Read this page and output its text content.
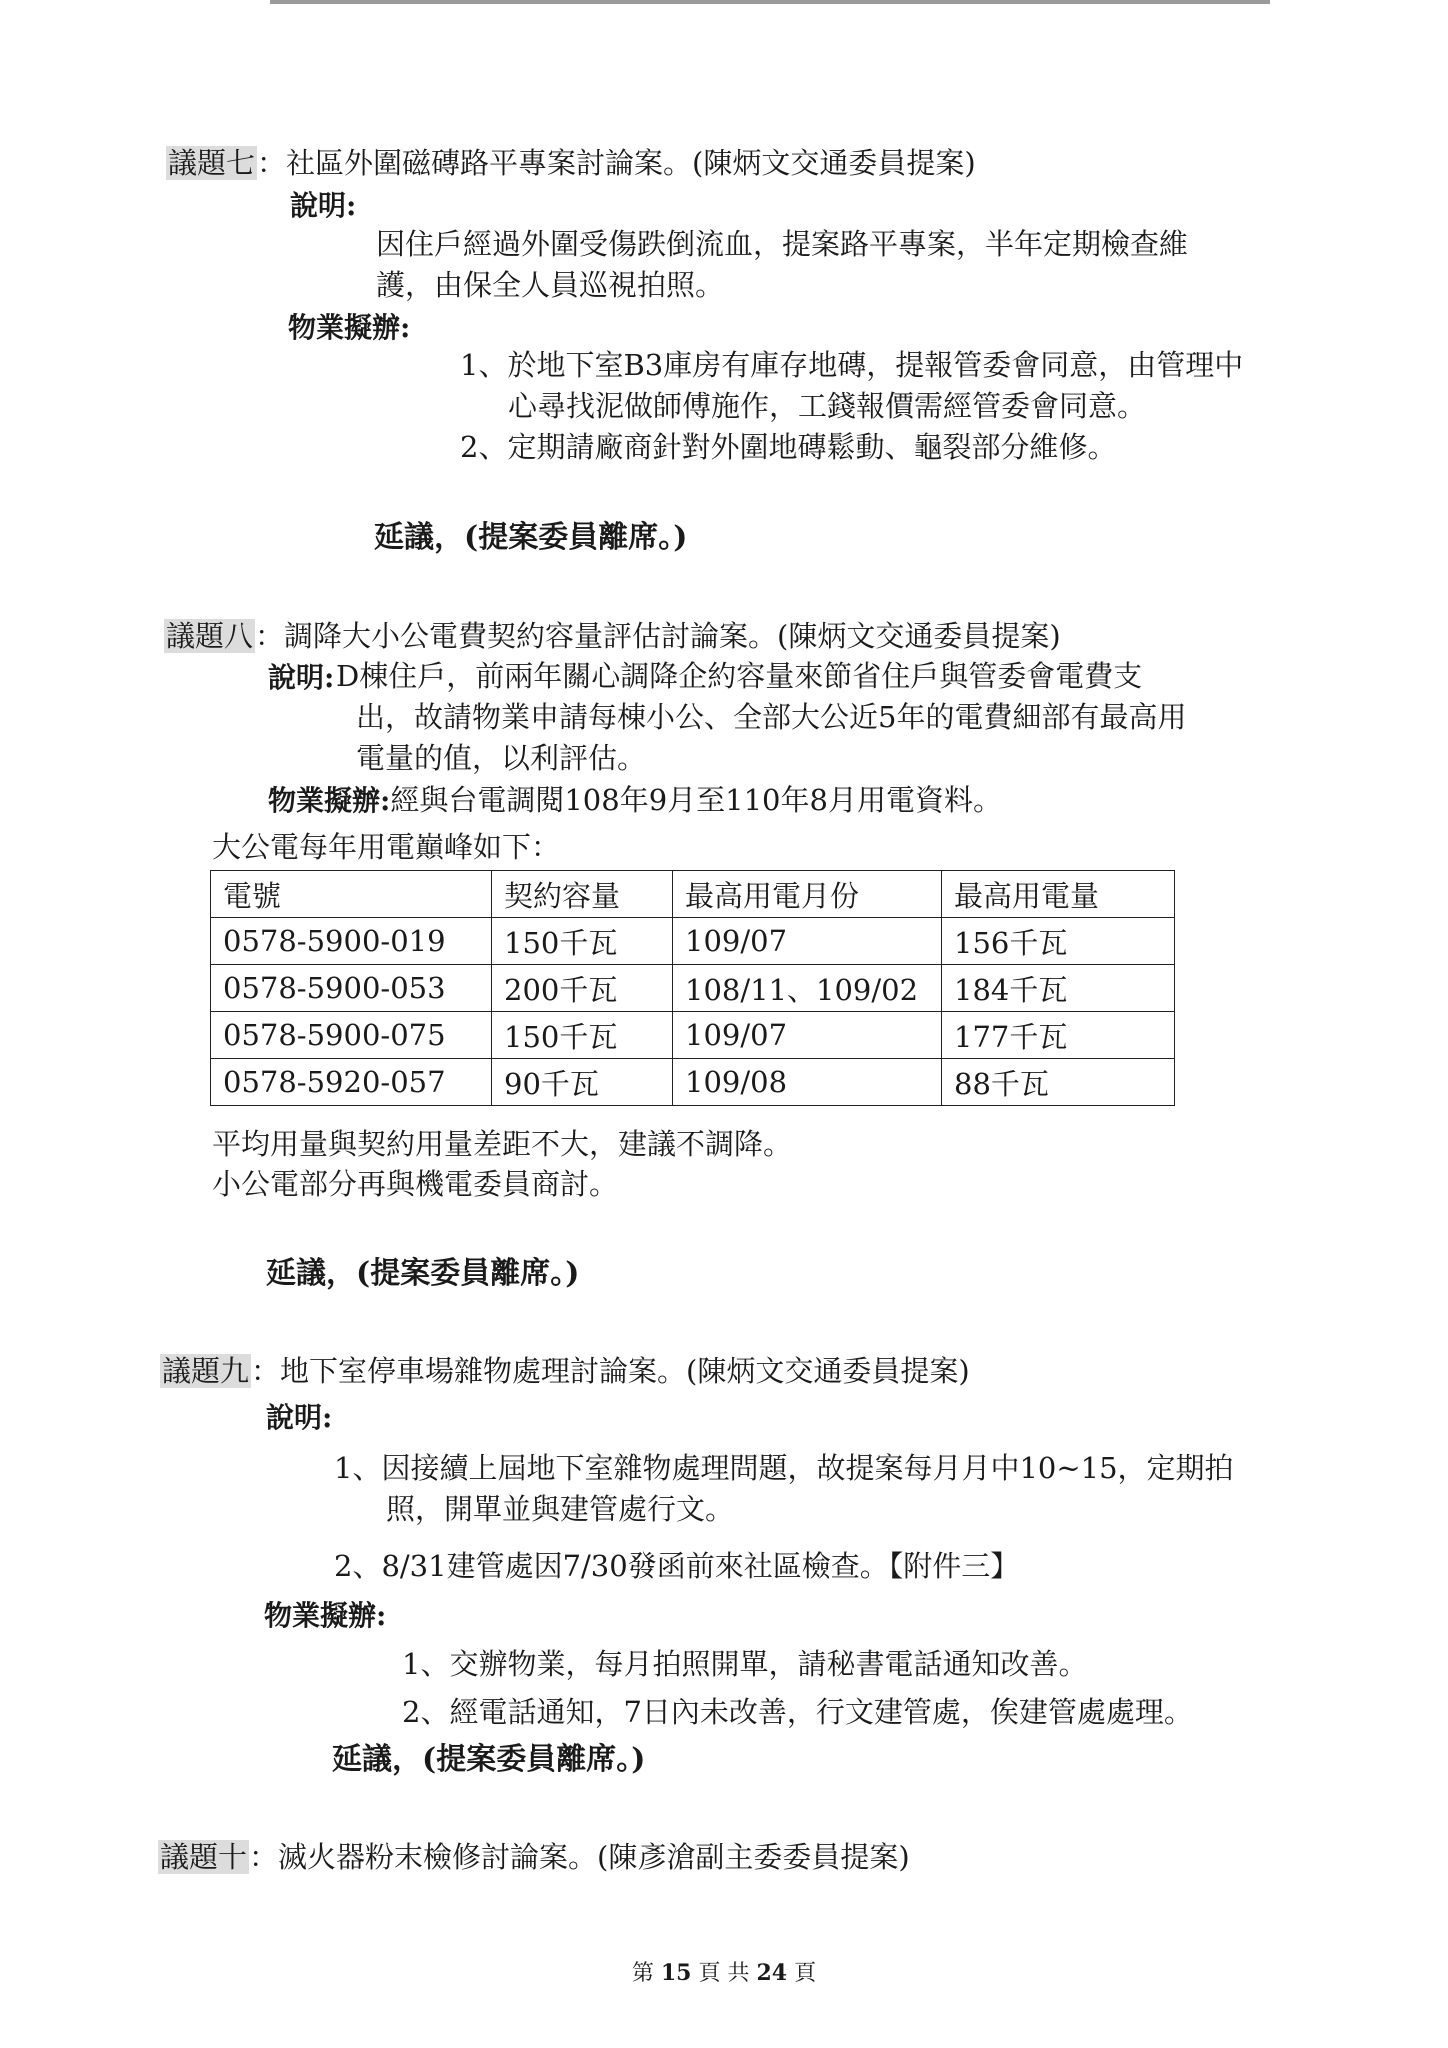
議題七：社區外圍磁磚路平專案討論案。(陳炳文交通委員提案)
說明:
因住戶經過外圍受傷跌倒流血，提案路平專案，半年定期檢查維
護，由保全人員巡視拍照。
物業擬辦:
1、於地下室B3庫房有庫存地磚，提報管委會同意，由管理中
心尋找泥做師傅施作，工錢報價需經管委會同意。
2、定期請廠商針對外圍地磚鬆動、龜裂部分維修。
延議，(提案委員離席。)
議題八：調降大小公電費契約容量評估討論案。(陳炳文交通委員提案)
說明: D棟住戶，前兩年關心調降企約容量來節省住戶與管委會電費支
出，故請物業申請每棟小公、全部大公近5年的電費細部有最高用
電量的值，以利評估。
物業擬辦:經與台電調閱108年9月至110年8月用電資料。
大公電每年用電巔峰如下：
電號	契約容量	最高用電月份	最高用電量
0578-5900-019	150千瓦	109/07	156千瓦
0578-5900-053	200千瓦	108/11、109/02	184千瓦
0578-5900-075	150千瓦	109/07	177千瓦
0578-5920-057	90千瓦	109/08	88千瓦
平均用量與契約用量差距不大，建議不調降。
小公電部分再與機電委員商討。
延議，(提案委員離席。)
議題九：地下室停車場雜物處理討論案。(陳炳文交通委員提案)
說明:
1、因接續上屆地下室雜物處理問題，故提案每月月中10~15，定期拍
照，開單並與建管處行文。
2、8/31建管處因7/30發函前來社區檢查。【附件三】
物業擬辦:
1、交辦物業，每月拍照開單，請秘書電話通知改善。
2、經電話通知，7日內未改善，行文建管處，俟建管處處理。
延議，(提案委員離席。)
議題十：滅火器粉末檢修討論案。(陳彥滄副主委委員提案)
第 15 頁 共 24 頁
